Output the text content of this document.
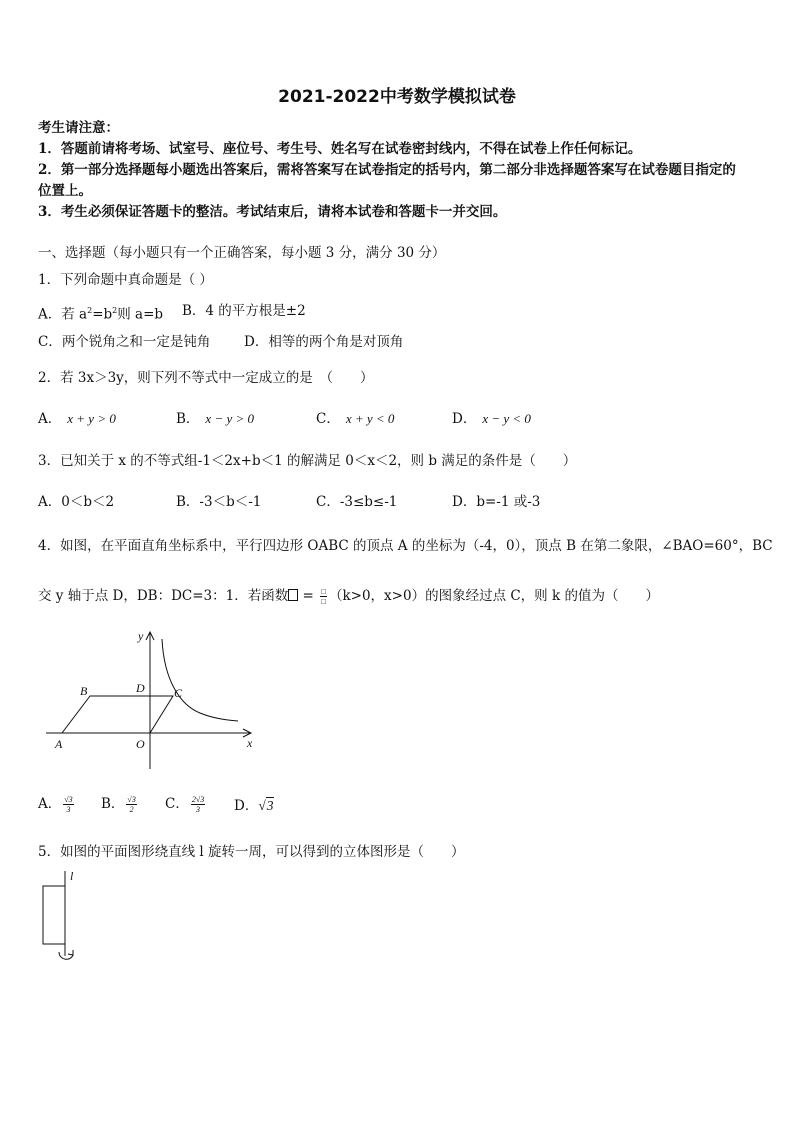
2021-2022中考数学模拟试卷
考生请注意：
1．答题前请将考场、试室号、座位号、考生号、姓名写在试卷密封线内，不得在试卷上作任何标记。
2．第一部分选择题每小题选出答案后，需将答案写在试卷指定的括号内，第二部分非选择题答案写在试卷题目指定的
位置上。
3．考生必须保证答题卡的整洁。考试结束后，请将本试卷和答题卡一并交回。
一、选择题（每小题只有一个正确答案，每小题 3 分，满分 30 分）
1．下列命题中真命题是（ ）
A．若 $a^2=b^2$则 a=b B．4 的平方根是±2
C．两个锐角之和一定是钝角 D．相等的两个角是对顶角
2．若 3x＞3y，则下列不等式中一定成立的是　（　　）
A． x + y > 0	B． x − y > 0	C． x + y < 0	D． x − y < 0
3．已知关于 x 的不等式组-1＜2x+b＜1 的解满足 0＜x＜2，则 b 满足的条件是（　　）
A．0＜b＜2	B．-3＜b＜-1	C．-3≤b≤-1	D．b=-1 或-3
4．如图，在平面直角坐标系中，平行四边形 OABC 的顶点 A 的坐标为（-4，0），顶点 B 在第二象限，∠BAO=60°，BC
交 y 轴于点 D，DB：DC=3：1．若函数 = $\frac{□}{□} (k>0$，x>0）的图象经过点 C，则 k 的值为（　　）
y
x
B	D C
A	O
A． $\frac{√3}{3}$ B． $\frac{√3}{2}$ C． $\frac{2√3}{3}$ D．√3
5．如图的平面图形绕直线 l 旋转一周，可以得到的立体图形是（　　）
l
